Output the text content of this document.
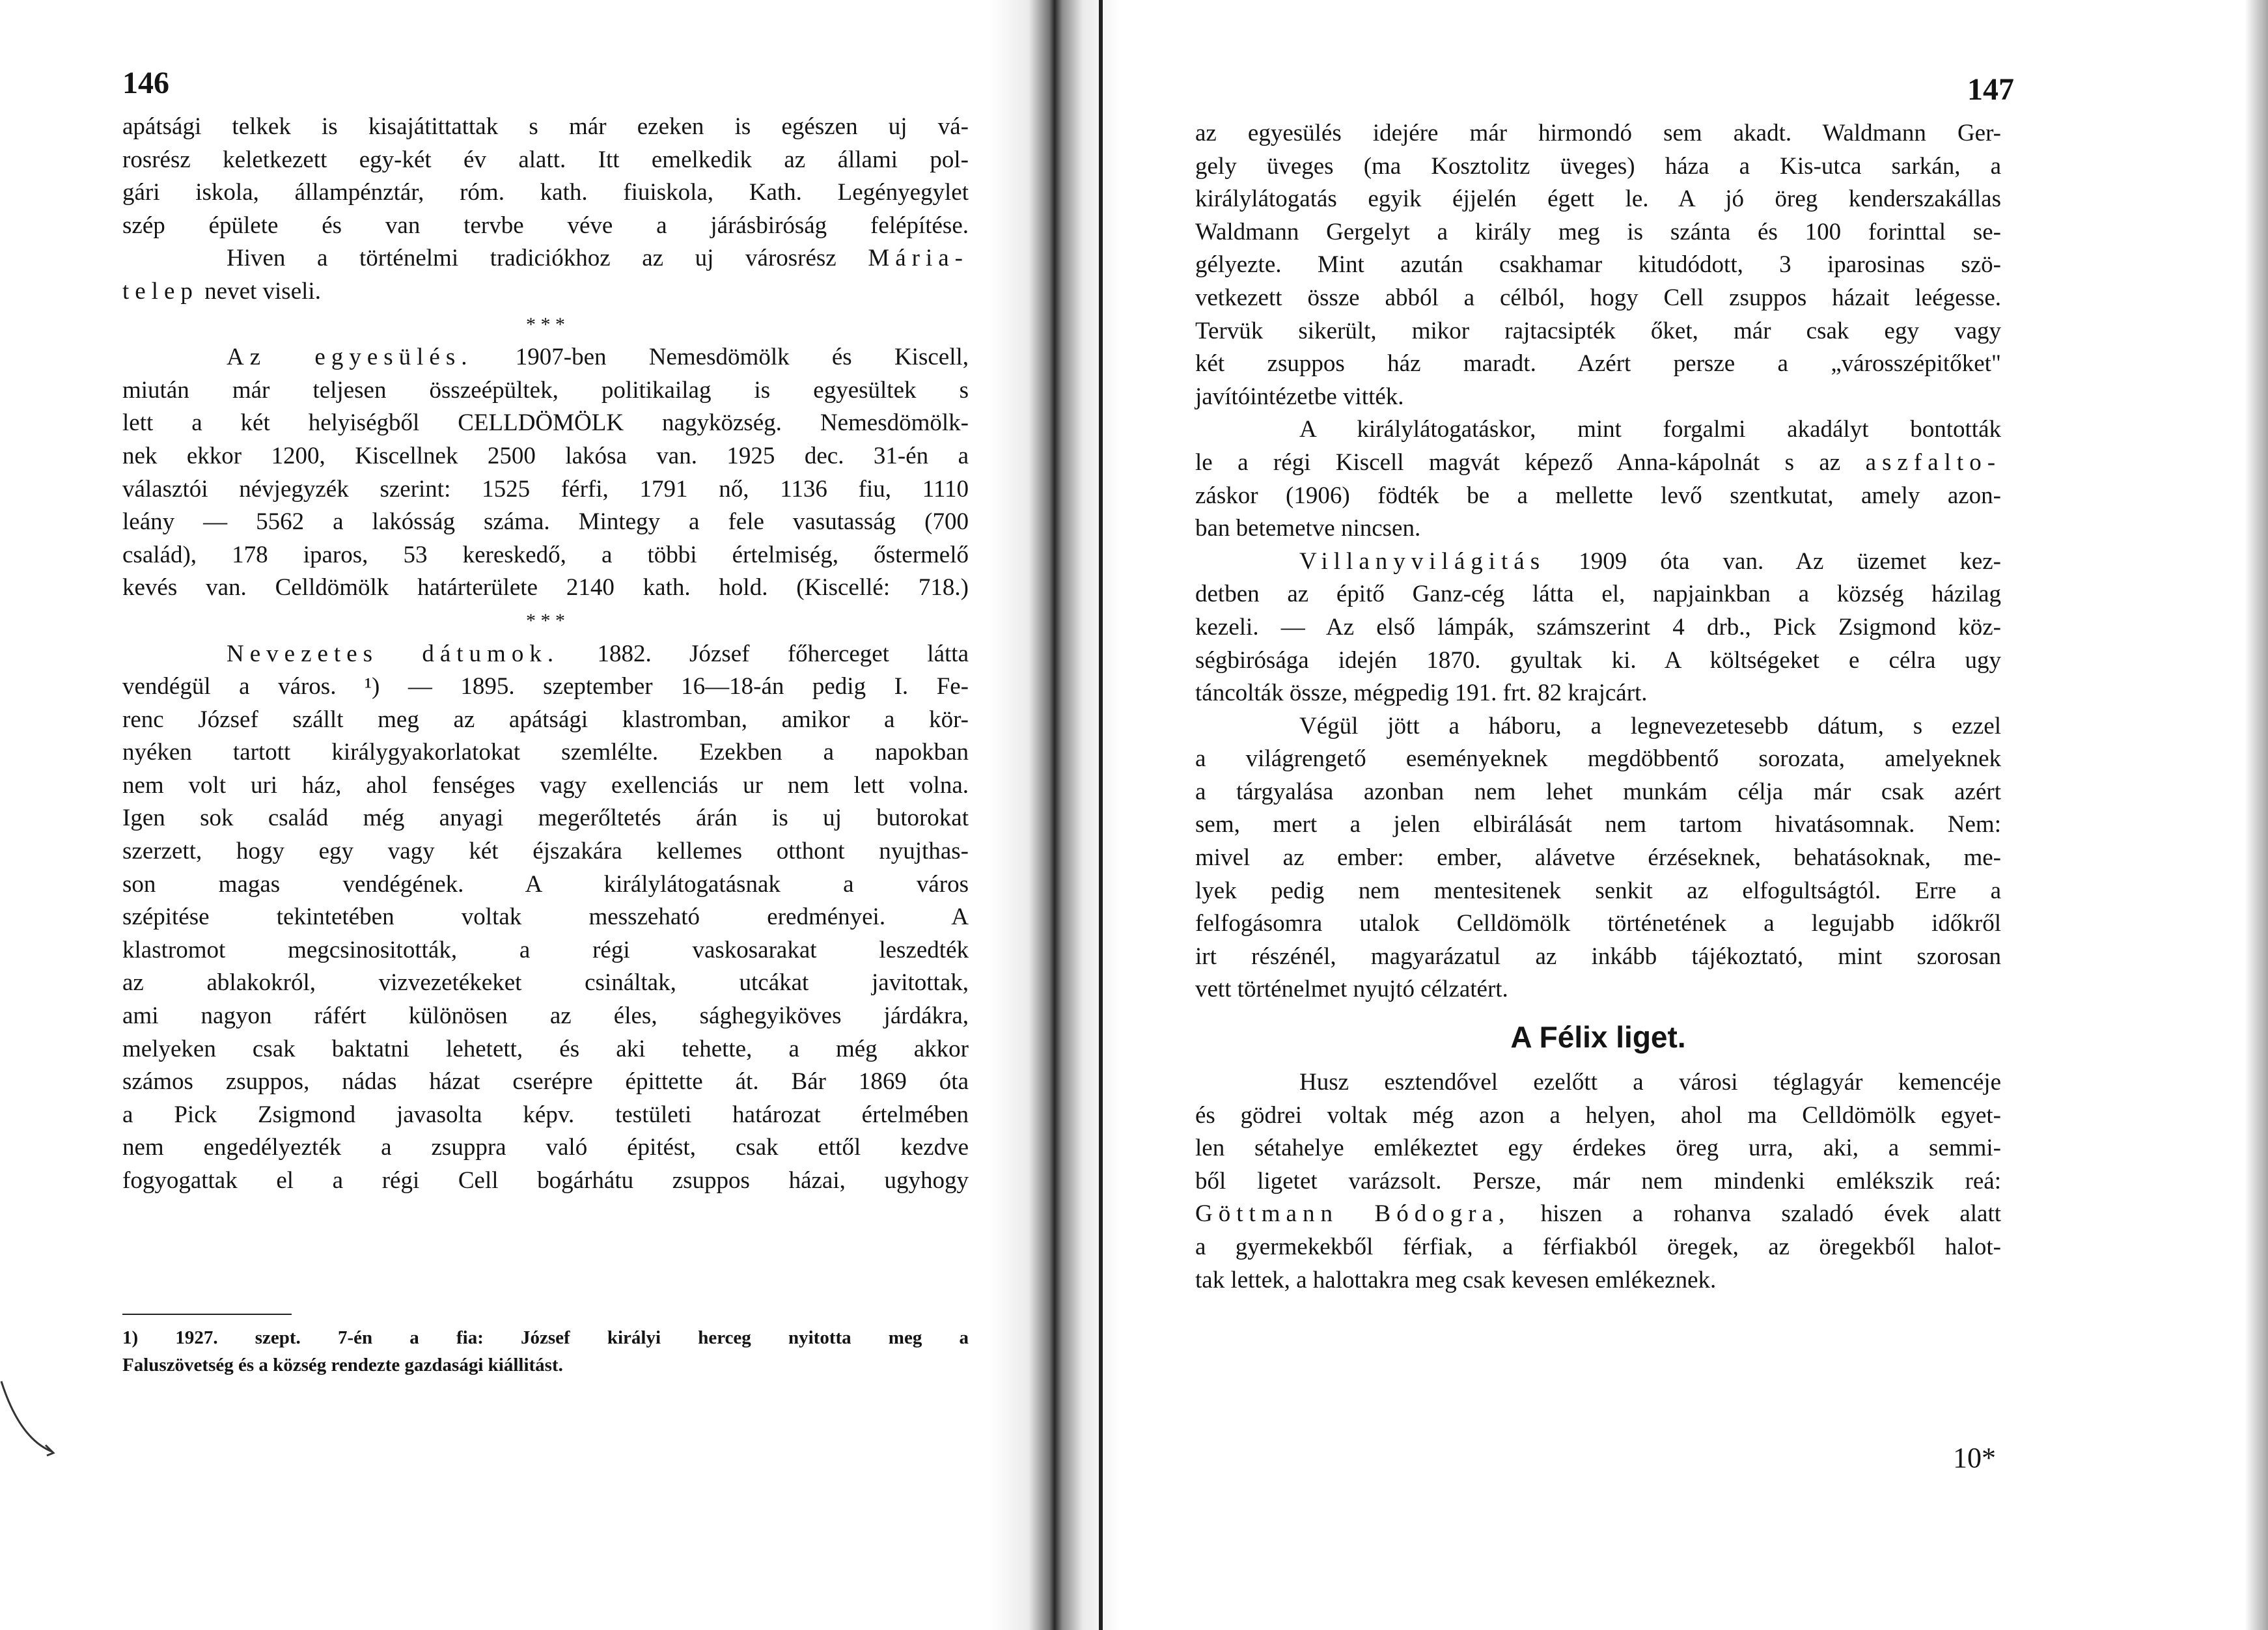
146
apátsági telkek is kisajátittattak s már ezeken is egészen uj vá-
rosrész keletkezett egy-két év alatt. Itt emelkedik az állami pol-
gári iskola, állampénztár, róm. kath. fiuiskola, Kath. Legényegylet
szép épülete és van tervbe véve a járásbiróság felépítése.
Hiven a történelmi tradiciókhoz az uj városrész Mária-
telep nevet viseli.
* * *
Az egyesülés. 1907-ben Nemesdömölk és Kiscell,
miután már teljesen összeépültek, politikailag is egyesültek s
lett a két helyiségből CELLDÖMÖLK nagyközség. Nemesdömölk-
nek ekkor 1200, Kiscellnek 2500 lakósa van. 1925 dec. 31-én a
választói névjegyzék szerint: 1525 férfi, 1791 nő, 1136 fiu, 1110
leány — 5562 a lakósság száma. Mintegy a fele vasutasság (700
család), 178 iparos, 53 kereskedő, a többi értelmiség, őstermelő
kevés van. Celldömölk határterülete 2140 kath. hold. (Kiscellé: 718.)
* * *
Nevezetes dátumok. 1882. József főherceget látta
vendégül a város. ¹) — 1895. szeptember 16—18-án pedig I. Fe-
renc József szállt meg az apátsági klastromban, amikor a kör-
nyéken tartott királygyakorlatokat szemlélte. Ezekben a napokban
nem volt uri ház, ahol fenséges vagy exellenciás ur nem lett volna.
Igen sok család még anyagi megerőltetés árán is uj butorokat
szerzett, hogy egy vagy két éjszakára kellemes otthont nyujthas-
son magas vendégének. A királylátogatásnak a város
szépitése tekintetében voltak messzeható eredményei. A
klastromot megcsinositották, a régi vaskosarakat leszedték
az ablakokról, vizvezetékeket csináltak, utcákat javitottak,
ami nagyon ráfért különösen az éles, sághegyiköves járdákra,
melyeken csak baktatni lehetett, és aki tehette, a még akkor
számos zsuppos, nádas házat cserépre épittette át. Bár 1869 óta
a Pick Zsigmond javasolta képv. testületi határozat értelmében
nem engedélyezték a zsuppra való épitést, csak ettől kezdve
fogyogattak el a régi Cell bogárhátu zsuppos házai, ugyhogy
1) 1927. szept. 7-én a fia: József királyi herceg nyitotta meg a
Faluszövetség és a község rendezte gazdasági kiállitást.
147
az egyesülés idejére már hirmondó sem akadt. Waldmann Ger-
gely üveges (ma Kosztolitz üveges) háza a Kis-utca sarkán, a
királylátogatás egyik éjjelén égett le. A jó öreg kenderszakállas
Waldmann Gergelyt a király meg is szánta és 100 forinttal se-
gélyezte. Mint azután csakhamar kitudódott, 3 iparosinas szö-
vetkezett össze abból a célból, hogy Cell zsuppos házait leégesse.
Tervük sikerült, mikor rajtacsipték őket, már csak egy vagy
két zsuppos ház maradt. Azért persze a „városszépitőket"
javítóintézetbe vitték.
A királylátogatáskor, mint forgalmi akadályt bontották
le a régi Kiscell magvát képező Anna-kápolnát s az aszfalto-
záskor (1906) födték be a mellette levő szentkutat, amely azon-
ban betemetve nincsen.
Villanyvilágitás 1909 óta van. Az üzemet kez-
detben az épitő Ganz-cég látta el, napjainkban a község házilag
kezeli. — Az első lámpák, számszerint 4 drb., Pick Zsigmond köz-
ségbirósága idején 1870. gyultak ki. A költségeket e célra ugy
táncolták össze, mégpedig 191. frt. 82 krajcárt.
Végül jött a háboru, a legnevezetesebb dátum, s ezzel
a világrengető eseményeknek megdöbbentő sorozata, amelyeknek
a tárgyalása azonban nem lehet munkám célja már csak azért
sem, mert a jelen elbirálását nem tartom hivatásomnak. Nem:
mivel az ember: ember, alávetve érzéseknek, behatásoknak, me-
lyek pedig nem mentesitenek senkit az elfogultságtól. Erre a
felfogásomra utalok Celldömölk történetének a legujabb időkről
irt részénél, magyarázatul az inkább tájékoztató, mint szorosan
vett történelmet nyujtó célzatért.
A Félix liget.
Husz esztendővel ezelőtt a városi téglagyár kemencéje
és gödrei voltak még azon a helyen, ahol ma Celldömölk egyet-
len sétahelye emlékeztet egy érdekes öreg urra, aki, a semmi-
ből ligetet varázsolt. Persze, már nem mindenki emlékszik reá:
Göttmann Bódogra, hiszen a rohanva szaladó évek alatt
a gyermekekből férfiak, a férfiakból öregek, az öregekből halot-
tak lettek, a halottakra meg csak kevesen emlékeznek.
10*
